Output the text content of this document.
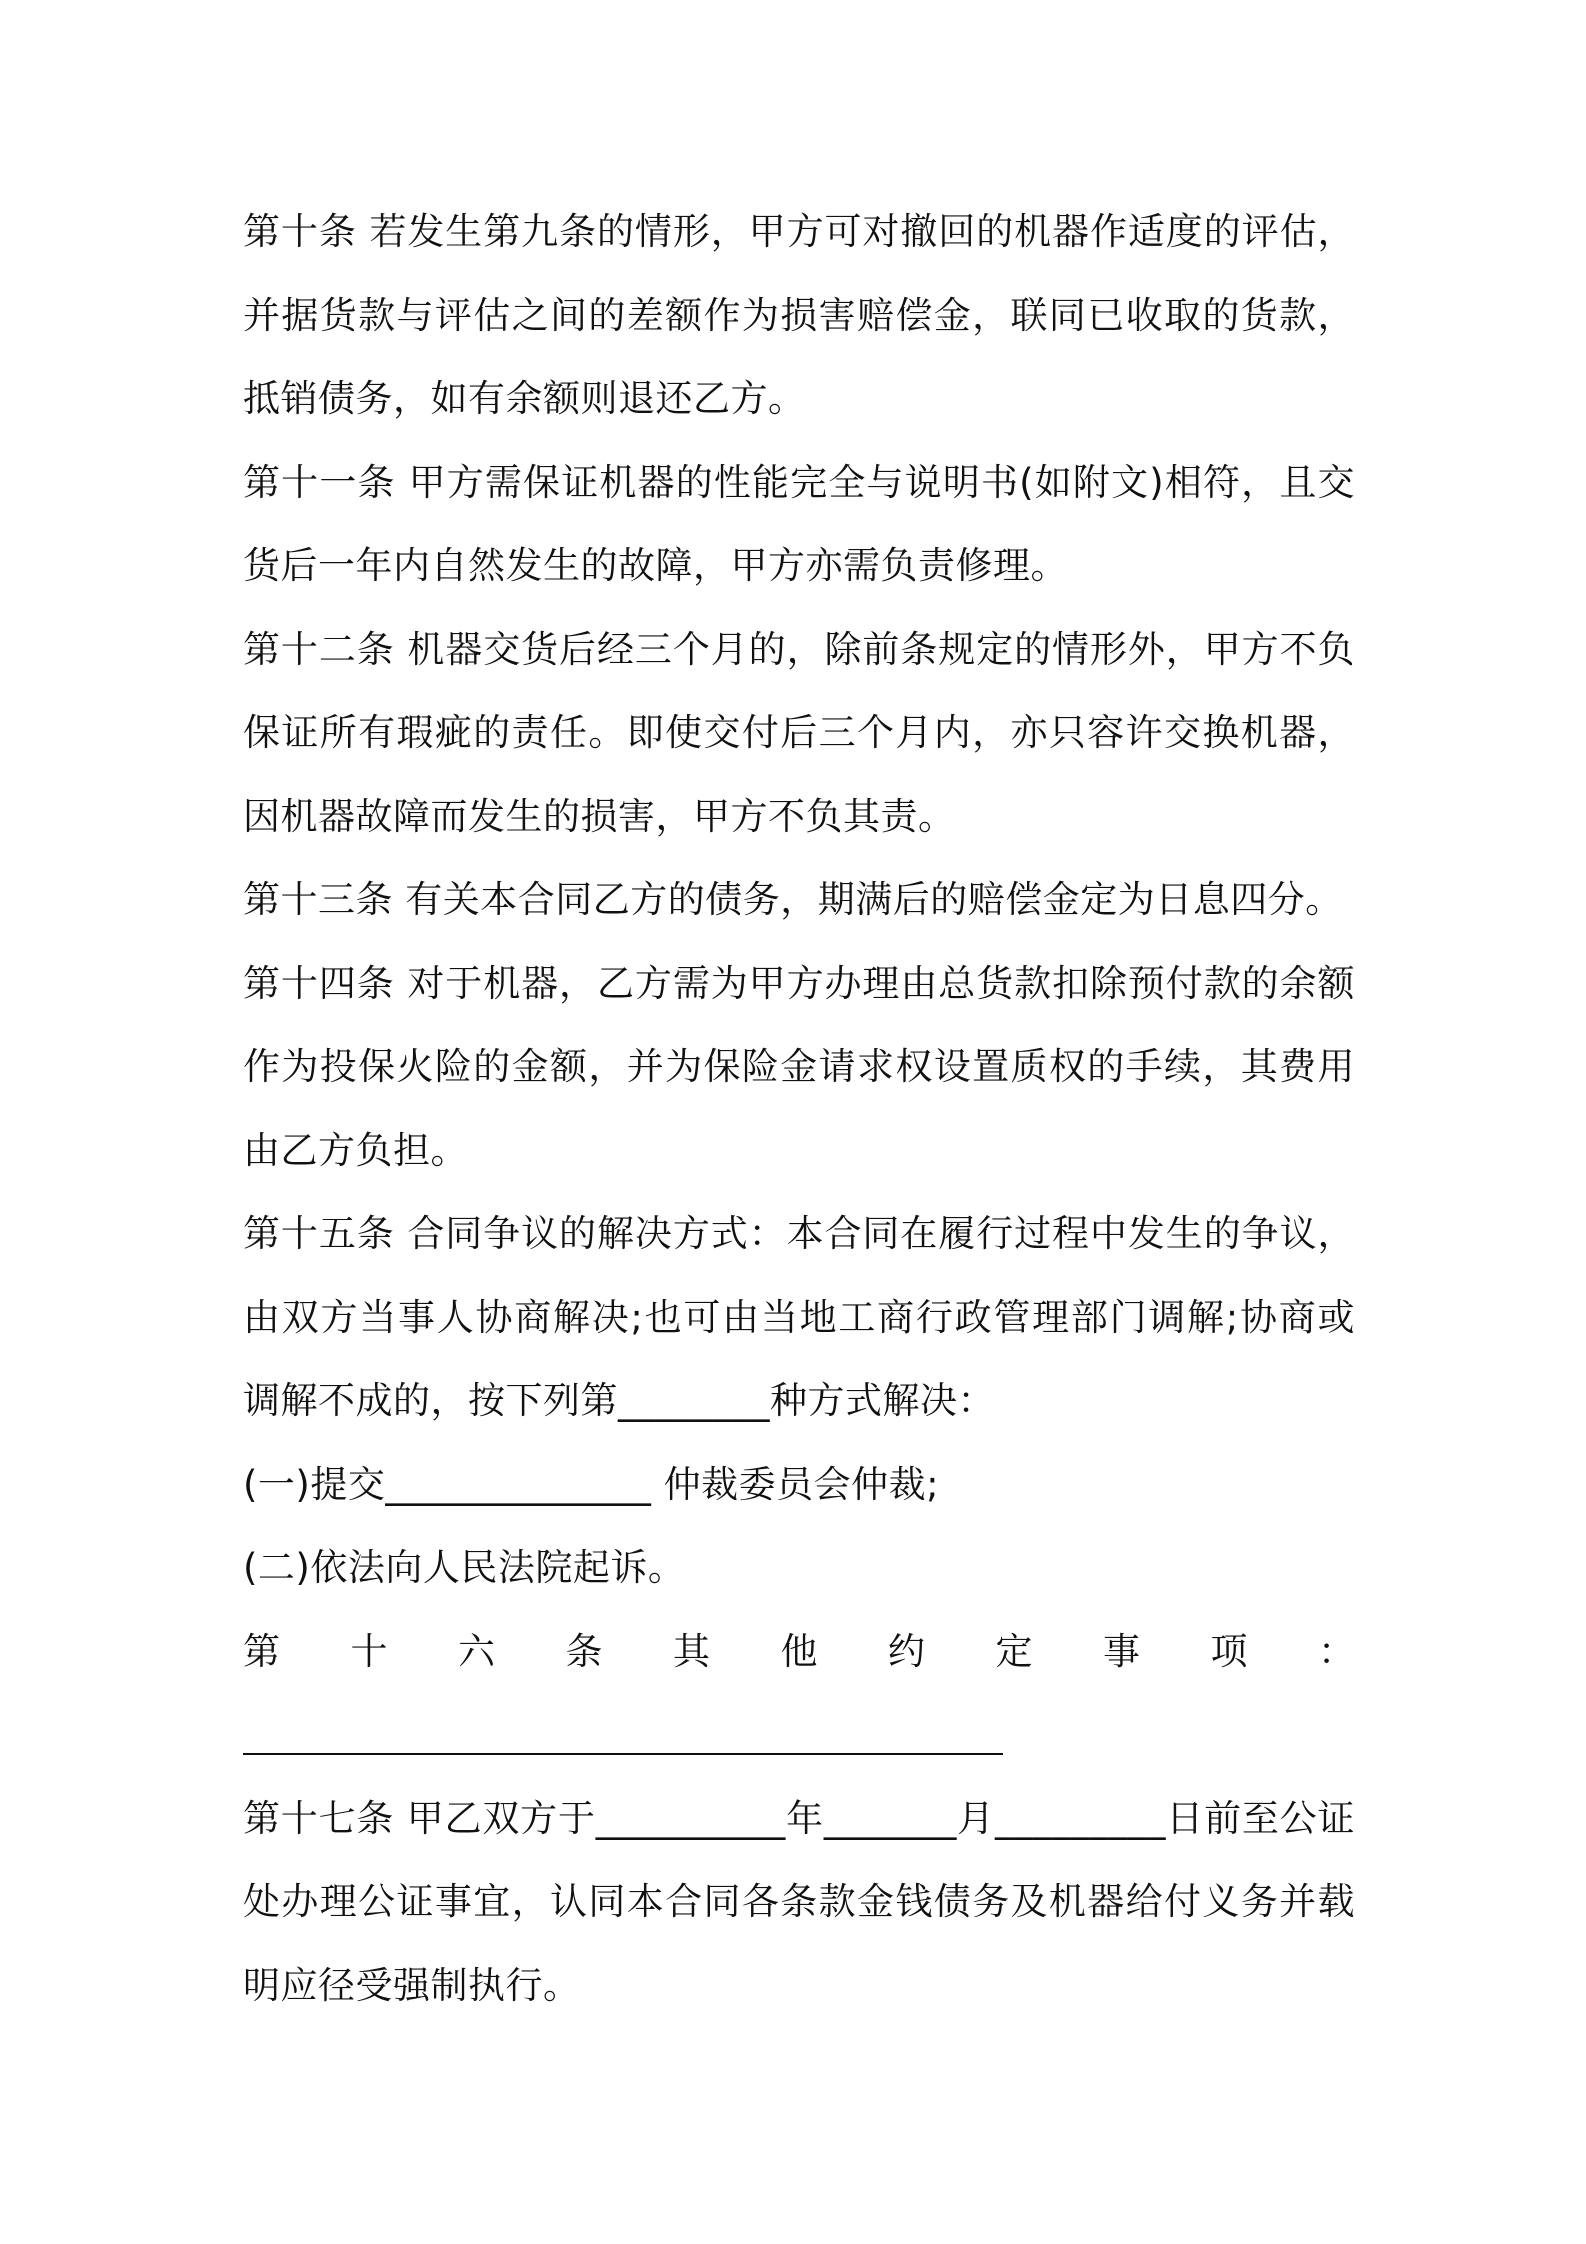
第十条 若发生第九条的情形，甲方可对撤回的机器作适度的评估，并据货款与评估之间的差额作为损害赔偿金，联同已收取的货款，抵销债务，如有余额则退还乙方。

第十一条 甲方需保证机器的性能完全与说明书(如附文)相符，且交货后一年内自然发生的故障，甲方亦需负责修理。

第十二条 机器交货后经三个月的，除前条规定的情形外，甲方不负保证所有瑕疵的责任。即使交付后三个月内，亦只容许交换机器，因机器故障而发生的损害，甲方不负其责。

第十三条 有关本合同乙方的债务，期满后的赔偿金定为日息四分。

第十四条 对于机器，乙方需为甲方办理由总货款扣除预付款的余额作为投保火险的金额，并为保险金请求权设置质权的手续，其费用由乙方负担。

第十五条 合同争议的解决方式：本合同在履行过程中发生的争议，由双方当事人协商解决;也可由当地工商行政管理部门调解;协商或调解不成的，按下列第________种方式解决：

(一)提交______________ 仲裁委员会仲裁;

(二)依法向人民法院起诉。

第 十 六 条 其 他 约 定 事 项 ：

第十七条 甲乙双方于__________年_______月_________日前至公证处办理公证事宜，认同本合同各条款金钱债务及机器给付义务并载明应径受强制执行。
